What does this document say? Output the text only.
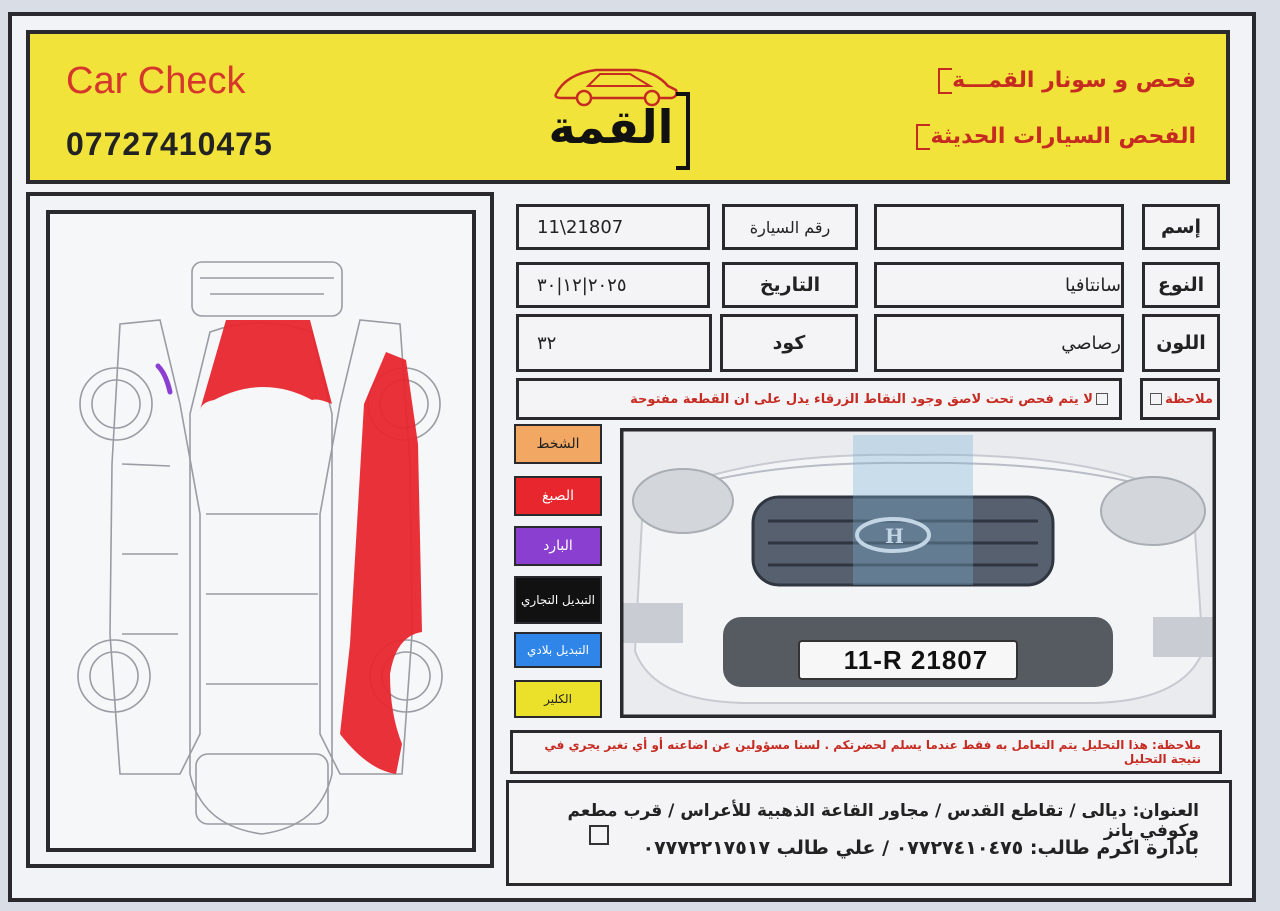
Car Check
07727410475	القمة
فحص و سونار القمـــة
الفحص السيارات الحديثة
إسم
رقم السيارة
11\21807
النوع
سانتافيا
التاريخ
٢٠٢٥|١٢|٣٠
اللون
رصاصي
كود
٣٢
ملاحظة
لا يتم فحص تحت لاصق وجود النقاط الزرقاء يدل على ان القطعة مفتوحة
الشخط
الصبغ
البارد
التبديل التجاري
التبديل بلادي
الكلير
H
11-R 21807
ملاحظة: هذا التحليل يتم التعامل به فقط عندما يسلم لحضرتكم . لسنا مسؤولين عن اضاعته أو أي تغير يجري في نتيجة التحليل
العنوان: ديالى / تقاطع القدس / مجاور القاعة الذهبية للأعراس / قرب مطعم وكوفي بانز
بادارة اكرم طالب: ٠٧٧٢٧٤١٠٤٧٥ / علي طالب ٠٧٧٧٢٢١٧٥١٧
